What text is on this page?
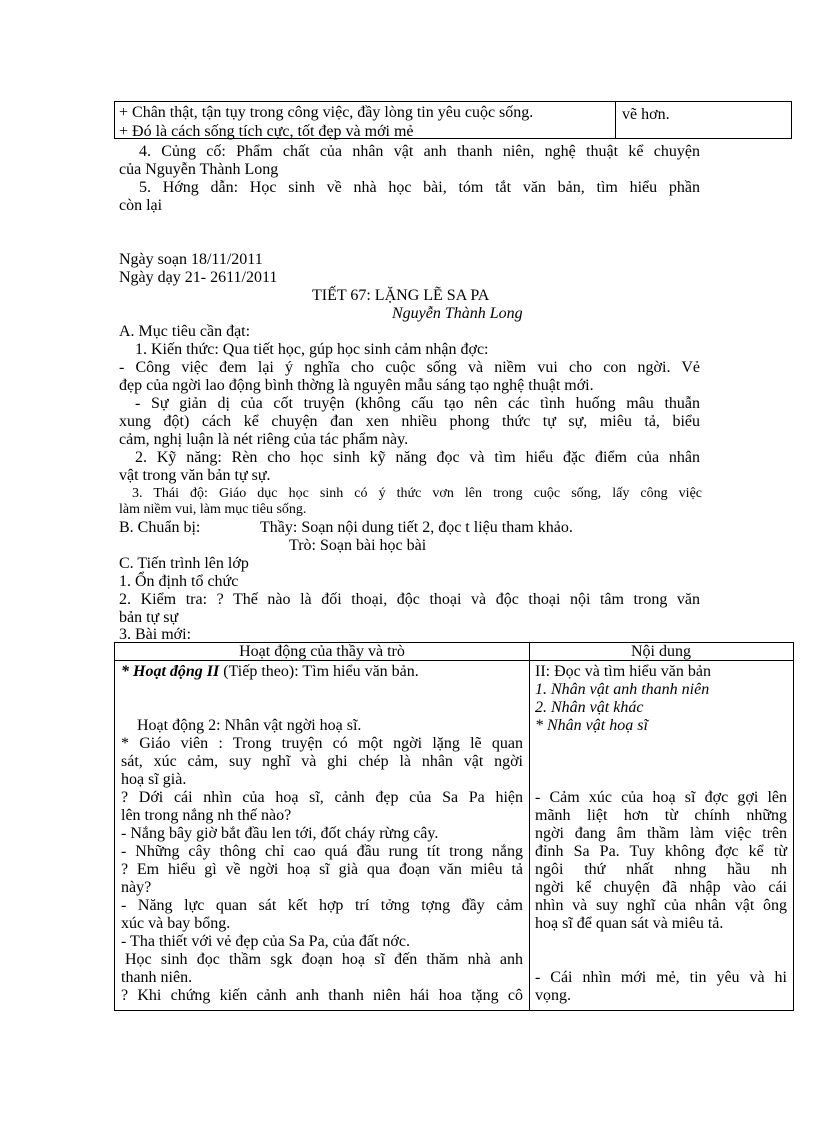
+ Chân thật, tận tụy trong công việc, đầy lòng tin yêu cuộc sống.
+ Đó là cách sống tích cực, tốt đẹp và mới mẻ
vẽ hơn.
4. Củng cố: Phẩm chất của nhân vật anh thanh niên, nghệ thuật kể chuyện
của Nguyễn Thành Long
5. Hớng dẫn: Học sinh về nhà học bài, tóm tắt văn bản, tìm hiểu phần
còn lại
Ngày soạn 18/11/2011
Ngày dạy 21- 2611/2011
TIẾT 67: LẶNG LẼ SA PA
Nguyễn Thành Long
A. Mục tiêu cần đạt:
1. Kiến thức: Qua tiết học, gúp học sinh cảm nhận đợc:
- Công việc đem lại ý nghĩa cho cuộc sống và niềm vui cho con ngời. Vẻ
đẹp của ngời lao động bình thờng là nguyên mẫu sáng tạo nghệ thuật mới.
- Sự giản dị của cốt truyện (không cấu tạo nên các tình huống mâu thuẫn
xung đột) cách kể chuyện đan xen nhiều phong thức tự sự, miêu tả, biểu
cảm, nghị luận là nét riêng của tác phẩm này.
2. Kỹ năng: Rèn cho học sinh kỹ năng đọc và tìm hiểu đặc điểm của nhân
vật trong văn bản tự sự.
3. Thái độ: Giáo dục học sinh có ý thức vơn lên trong cuộc sống, lấy công việc
làm niềm vui, làm mục tiêu sống.
B. Chuẩn bị:	Thầy: Soạn nội dung tiết 2, đọc t liệu tham khảo.
Trò: Soạn bài học bài
C. Tiến trình lên lớp
1. Ổn định tổ chức
2. Kiểm tra: ? Thế nào là đối thoại, độc thoại và độc thoại nội tâm trong văn
bản tự sự
3. Bài mới:
Hoạt động của thầy và trò	Nội dung
* Hoạt động II (Tiếp theo): Tìm hiểu văn bản.
Hoạt động 2: Nhân vật ngời hoạ sĩ.
* Giáo viên : Trong truyện có một ngời lặng lẽ quan
sát, xúc cảm, suy nghĩ và ghi chép là nhân vật ngời
hoạ sĩ già.
? Dới cái nhìn của hoạ sĩ, cảnh đẹp của Sa Pa hiện
lên trong nắng nh thế nào?
- Nắng bây giờ bắt đầu len tới, đốt cháy rừng cây.
- Những cây thông chỉ cao quá đầu rung tít trong nắng
? Em hiểu gì về ngời hoạ sĩ già qua đoạn văn miêu tả
này?
- Năng lực quan sát kết hợp trí tởng tợng đầy cảm
xúc và bay bổng.
- Tha thiết với vẻ đẹp của Sa Pa, của đất nớc.
Học sinh đọc thầm sgk đoạn hoạ sĩ đến thăm nhà anh
thanh niên.
? Khi chứng kiến cảnh anh thanh niên hái hoa tặng cô
II: Đọc và tìm hiểu văn bản
1. Nhân vật anh thanh niên
2. Nhân vật khác
* Nhân vật hoạ sĩ
- Cảm xúc của hoạ sĩ đợc gợi lên
mãnh liệt hơn từ chính những
ngời đang âm thầm làm việc trên
đỉnh Sa Pa. Tuy không đợc kể từ
ngôi thứ nhất nhng hầu nh
ngời kể chuyện đã nhập vào cái
nhìn và suy nghĩ của nhân vật ông
hoạ sĩ để quan sát và miêu tả.
- Cái nhìn mới mẻ, tin yêu và hi
vọng.
